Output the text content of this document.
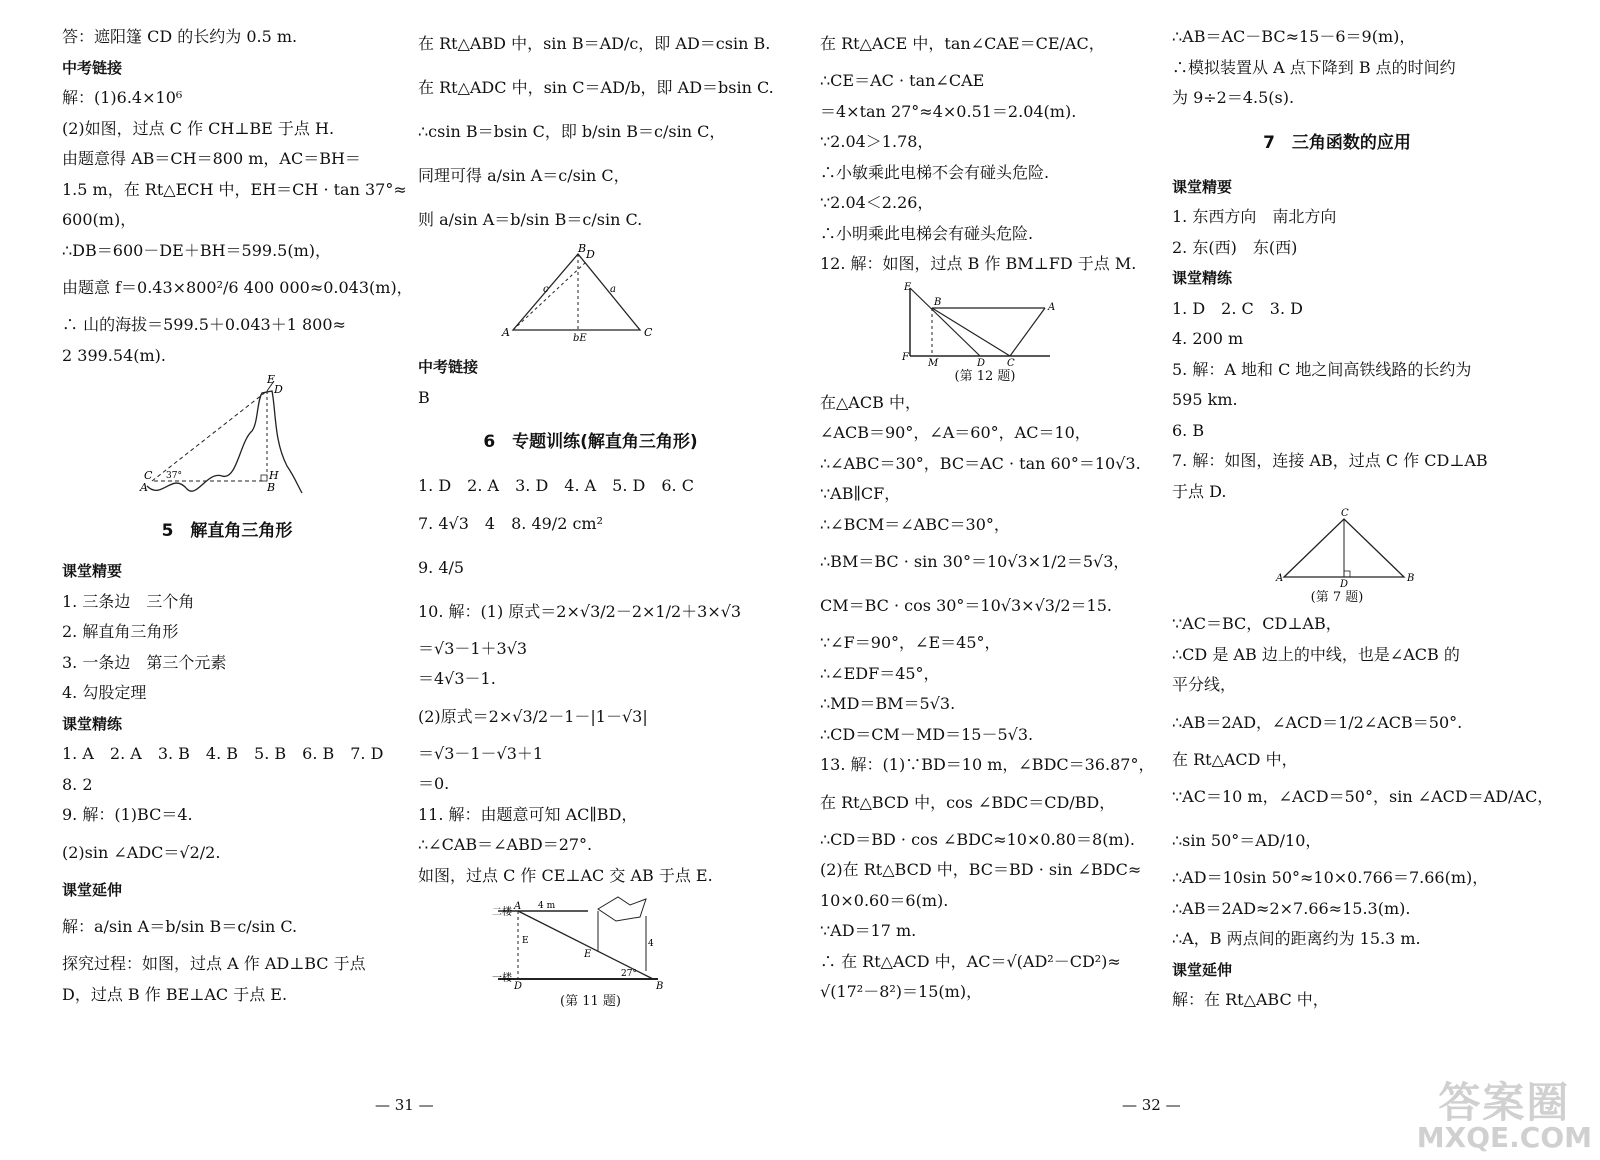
答：遮阳篷 CD 的长约为 0.5 m.
中考链接
解：(1)6.4×10⁶
(2)如图，过点 C 作 CH⊥BE 于点 H.
由题意得 AB＝CH＝800 m，AC＝BH＝
1.5 m，在 Rt△ECH 中，EH＝CH · tan 37°≈
600(m)，
∴DB＝600－DE＋BH＝599.5(m)，
由题意 f＝0.43×800²/6 400 000≈0.043(m)，
∴ 山的海拔＝599.5＋0.043＋1 800≈
2 399.54(m).
E
D
C
A
H
B
37°
5　解直角三角形
课堂精要
1. 三条边　三个角
2. 解直角三角形
3. 一条边　第三个元素
4. 勾股定理
课堂精练
1. A　2. A　3. B　4. B　5. B　6. B　7. D
8. 2
9. 解：(1)BC＝4.
(2)sin ∠ADC＝√2/2.
课堂延伸
解：a/sin A＝b/sin B＝c/sin C.
探究过程：如图，过点 A 作 AD⊥BC 于点
D，过点 B 作 BE⊥AC 于点 E.
在 Rt△ABD 中，sin B＝AD/c，即 AD＝csin B.
在 Rt△ADC 中，sin C＝AD/b，即 AD＝bsin C.
∴csin B＝bsin C，即 b/sin B＝c/sin C，
同理可得 a/sin A＝c/sin C，
则 a/sin A＝b/sin B＝c/sin C.
B D
A	C
bE
c	a
中考链接
B
6　专题训练(解直角三角形)
1. D　2. A　3. D　4. A　5. D　6. C
7. 4√3　4　8. 49/2 cm²
9. 4/5
10. 解：(1) 原式＝2×√3/2－2×1/2＋3×√3
＝√3－1＋3√3
＝4√3－1.
(2)原式＝2×√3/2－1－|1－√3|
＝√3－1－√3＋1
＝0.
11. 解：由题意可知 AC∥BD，
∴∠CAB＝∠ABD＝27°.
如图，过点 C 作 CE⊥AC 交 AB 于点 E.
二楼
一楼
4 m
E	4
27°
D	B
A
E
(第 11 题)
在 Rt△ACE 中，tan∠CAE＝CE/AC，
∴CE＝AC · tan∠CAE
＝4×tan 27°≈4×0.51＝2.04(m).
∵2.04＞1.78，
∴小敏乘此电梯不会有碰头危险.
∵2.04＜2.26，
∴小明乘此电梯会有碰头危险.
12. 解：如图，过点 B 作 BM⊥FD 于点 M.
E
B	A
F
M	D C
(第 12 题)
在△ACB 中，
∠ACB＝90°，∠A＝60°，AC＝10，
∴∠ABC＝30°，BC＝AC · tan 60°＝10√3.
∵AB∥CF，
∴∠BCM＝∠ABC＝30°，
∴BM＝BC · sin 30°＝10√3×1/2＝5√3，
CM＝BC · cos 30°＝10√3×√3/2＝15.
∵∠F＝90°，∠E＝45°，
∴∠EDF＝45°，
∴MD＝BM＝5√3.
∴CD＝CM－MD＝15－5√3.
13. 解：(1)∵BD＝10 m，∠BDC＝36.87°，
在 Rt△BCD 中，cos ∠BDC＝CD/BD，
∴CD＝BD · cos ∠BDC≈10×0.80＝8(m).
(2)在 Rt△BCD 中，BC＝BD · sin ∠BDC≈
10×0.60＝6(m).
∵AD＝17 m.
∴ 在 Rt△ACD 中，AC＝√(AD²－CD²)≈
√(17²－8²)＝15(m)，
∴AB＝AC－BC≈15－6＝9(m)，
∴模拟装置从 A 点下降到 B 点的时间约
为 9÷2＝4.5(s).
7　三角函数的应用
课堂精要
1. 东西方向　南北方向
2. 东(西)　东(西)
课堂精练
1. D　2. C　3. D
4. 200 m
5. 解：A 地和 C 地之间高铁线路的长约为
595 km.
6. B
7. 解：如图，连接 AB，过点 C 作 CD⊥AB
于点 D.
C
A	B
D
(第 7 题)
∵AC＝BC，CD⊥AB，
∴CD 是 AB 边上的中线，也是∠ACB 的
平分线，
∴AB＝2AD，∠ACD＝1/2∠ACB＝50°.
在 Rt△ACD 中，
∵AC＝10 m，∠ACD＝50°，sin ∠ACD＝AD/AC，
∴sin 50°＝AD/10，
∴AD＝10sin 50°≈10×0.766＝7.66(m)，
∴AB＝2AD≈2×7.66≈15.3(m).
∴A，B 两点间的距离约为 15.3 m.
课堂延伸
解：在 Rt△ABC 中，
— 31 —	— 32 —	答案圈
MXQE.COM
